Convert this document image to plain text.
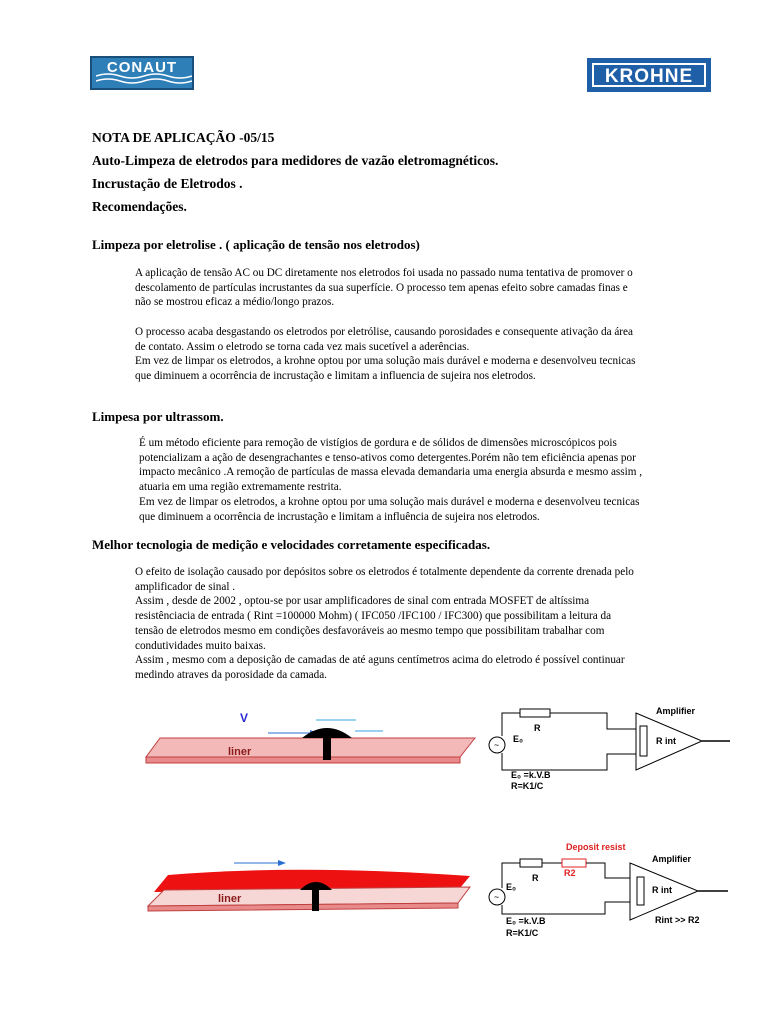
CONAUT	KROHNE
NOTA DE APLICAÇÃO -05/15
Auto-Limpeza de eletrodos para medidores de vazão eletromagnéticos.
Incrustação de Eletrodos .
Recomendações.
Limpeza por eletrolise . ( aplicação de tensão nos eletrodos)
A aplicação de tensão AC ou DC diretamente nos eletrodos foi usada no passado numa tentativa de promover o
descolamento de partículas incrustantes da sua superfície. O processo tem apenas efeito sobre camadas finas e
não se mostrou eficaz a médio/longo prazos.
O processo acaba desgastando os eletrodos por eletrólise, causando porosidades e consequente ativação da área
de contato. Assim o eletrodo se torna cada vez mais sucetível a aderências.
Em vez de limpar os eletrodos, a krohne optou por uma solução mais durável e moderna e desenvolveu tecnicas
que diminuem a ocorrência de incrustação e limitam a influencia de sujeira nos eletrodos.
Limpesa por ultrassom.
É um método eficiente para remoção de vistígios de gordura e de sólidos de dimensões microscópicos pois
potencializam a ação de desengrachantes e tenso-ativos como detergentes.Porém não tem eficiência apenas por
impacto mecânico .A remoção de partículas de massa elevada demandaria uma energia absurda e mesmo assim ,
atuaria em uma região extremamente restrita.
Em vez de limpar os eletrodos, a krohne optou por uma solução mais durável e moderna e desenvolveu tecnicas
que diminuem a ocorrência de incrustação e limitam a influência de sujeira nos eletrodos.
Melhor tecnologia de medição e velocidades corretamente especificadas.
O efeito de isolação causado por depósitos sobre os eletrodos é totalmente dependente da corrente drenada pelo
amplificador de sinal .
Assim , desde de 2002 , optou-se por usar amplificadores de sinal com entrada MOSFET de altíssima
resistênciacia de entrada ( Rint =100000 Mohm) ( IFC050 /IFC100 / IFC300) que possibilitam a leitura da
tensão de eletrodos mesmo em condições desfavoráveis ao mesmo tempo que possibilitam trabalhar com
condutividades muito baixas.
Assim , mesmo com a deposição de camadas de até aguns centímetros acima do eletrodo é possível continuar
medindo atraves da porosidade da camada.
V
liner
~
E₀
R
Amplifier
R int
E₀ =k.V.B
R=K1/C
liner
Deposit resist
~
E₀
R	R2
Amplifier
R int
Rint >> R2
E₀ =k.V.B
R=K1/C
